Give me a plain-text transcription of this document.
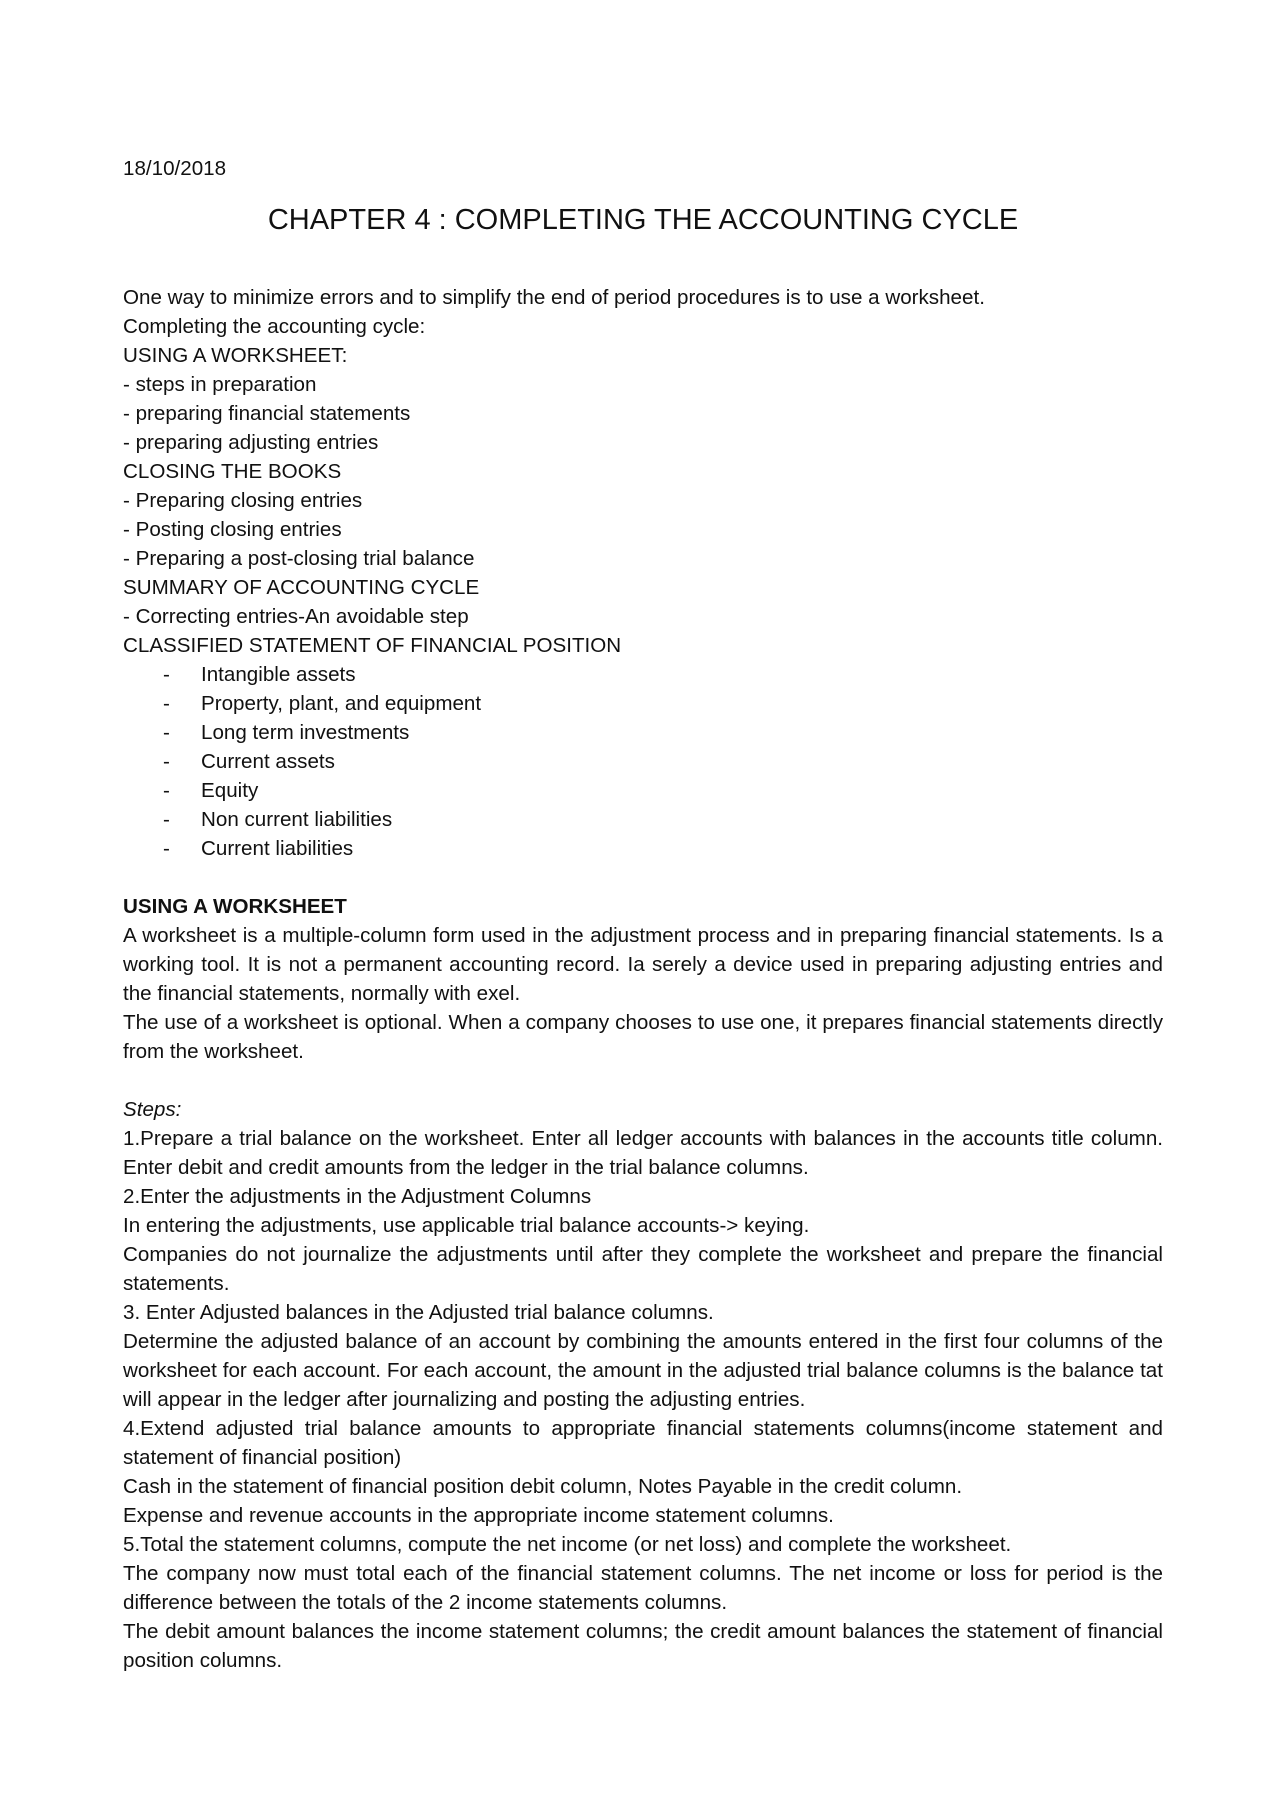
18/10/2018

CHAPTER 4 : COMPLETING THE ACCOUNTING CYCLE
One way to minimize errors and to simplify the end of period procedures is to use a worksheet.
Completing the accounting cycle:
USING A WORKSHEET:
- steps in preparation
- preparing financial statements
- preparing adjusting entries
CLOSING THE BOOKS
- Preparing closing entries
- Posting closing entries
- Preparing a post-closing trial balance
SUMMARY OF ACCOUNTING CYCLE
- Correcting entries-An avoidable step
CLASSIFIED STATEMENT OF FINANCIAL POSITION
- Intangible assets
- Property, plant, and equipment
- Long term investments
- Current assets
- Equity
- Non current liabilities
- Current liabilities

USING A WORKSHEET

A worksheet is a multiple-column form used in the adjustment process and in preparing financial statements. Is a working tool. It is not a permanent accounting record. Ia serely a device used in preparing adjusting entries and the financial statements, normally with exel.

The use of a worksheet is optional. When a company chooses to use one, it prepares financial statements directly from the worksheet.

Steps:

1.Prepare a trial balance on the worksheet. Enter all ledger accounts with balances in the accounts title column. Enter debit and credit amounts from the ledger in the trial balance columns.

2.Enter the adjustments in the Adjustment Columns

In entering the adjustments, use applicable trial balance accounts-> keying.

Companies do not journalize the adjustments until after they complete the worksheet and prepare the financial statements.

3. Enter Adjusted balances in the Adjusted trial balance columns.

Determine the adjusted balance of an account by combining the amounts entered in the first four columns of the worksheet for each account. For each account, the amount in the adjusted trial balance columns is the balance tat will appear in the ledger after journalizing and posting the adjusting entries.

4.Extend adjusted trial balance amounts to appropriate financial statements columns(income statement and statement of financial position)

Cash in the statement of financial position debit column, Notes Payable in the credit column.

Expense and revenue accounts in the appropriate income statement columns.

5.Total the statement columns, compute the net income (or net loss) and complete the worksheet.

The company now must total each of the financial statement columns. The net income or loss for period is the difference between the totals of the 2 income statements columns.

The debit amount balances the income statement columns; the credit amount balances the statement of financial position columns.
